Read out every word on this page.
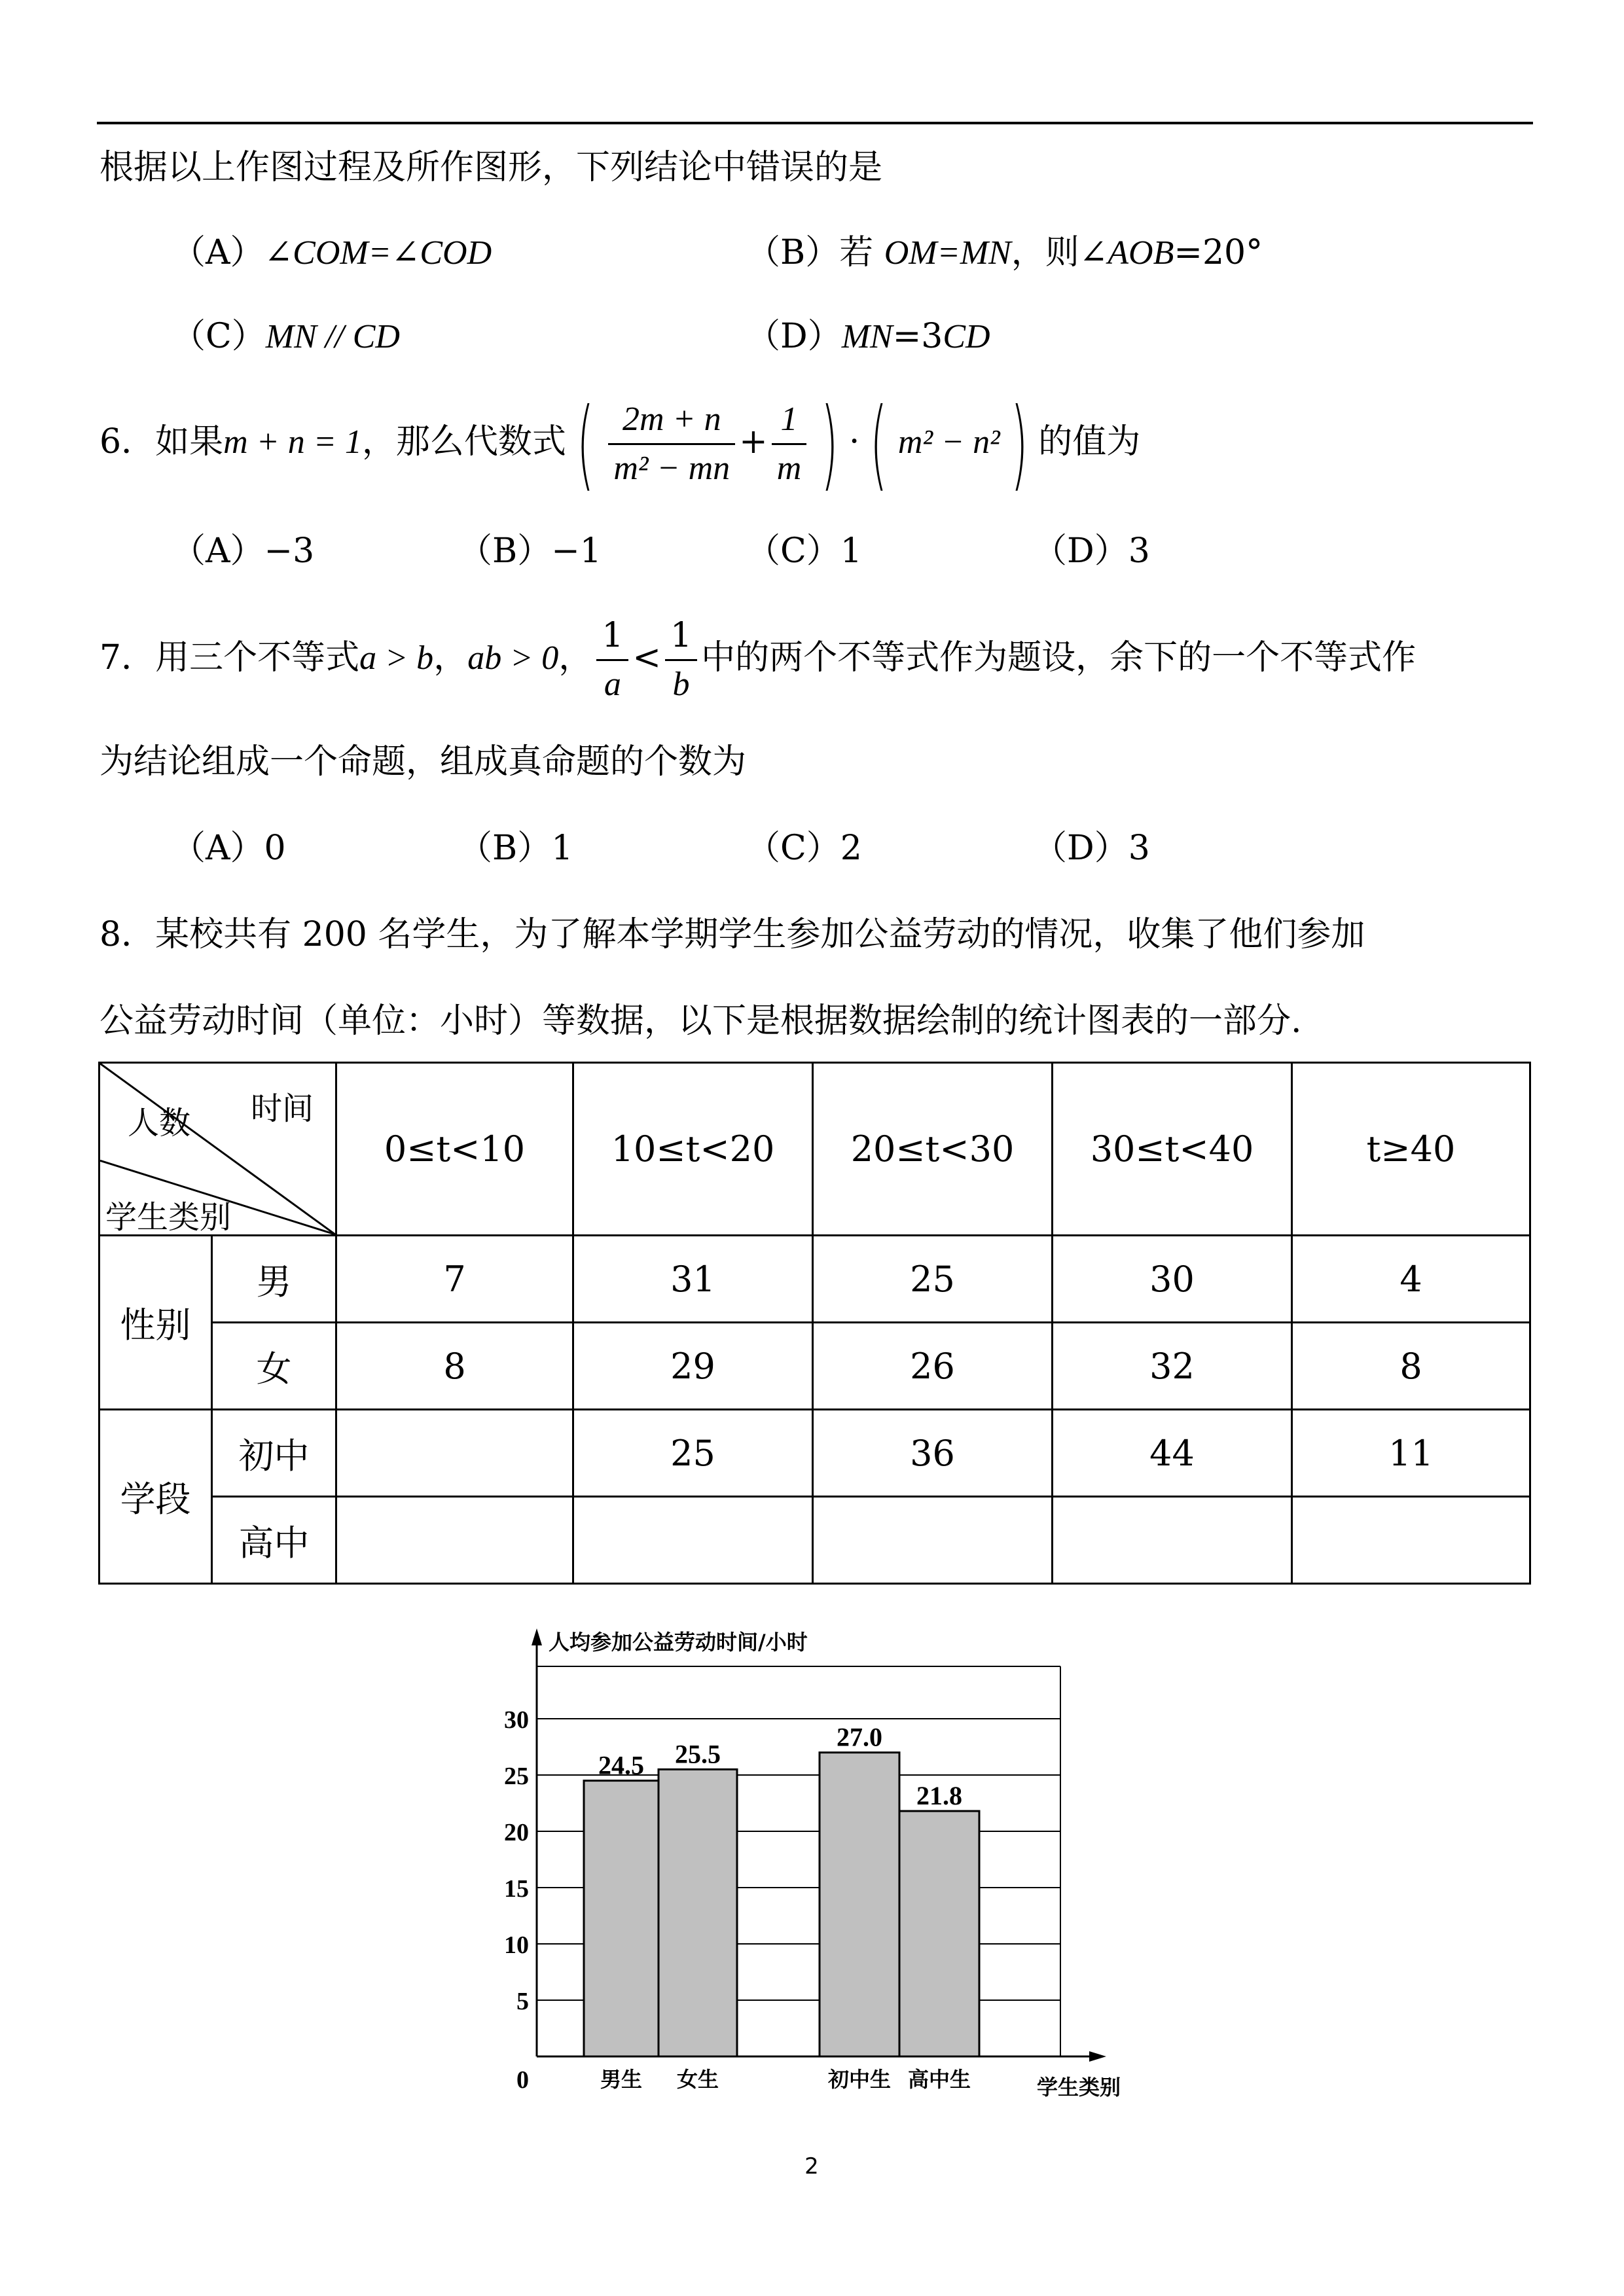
根据以上作图过程及所作图形，下列结论中错误的是
（A）∠COM=∠COD	（B）若 OM=MN，则∠AOB=20°
（C）MN // CD	（D）MN=3CD
6．如果m + n = 1，那么代数式 ( $\frac{2m + n}{\text{m² − mn}} + \frac{1}{m}$ ) · ( m² − n² ) 的值为
（A）−3	（B）−1	（C）1	（D）3
7．用三个不等式a > b，ab > 0， $\frac{1}{a} < \frac{1}{b}$ 中的两个不等式作为题设，余下的一个不等式作
为结论组成一个命题，组成真命题的个数为
（A）0	（B）1	（C）2	（D）3
8．某校共有 200 名学生，为了解本学期学生参加公益劳动的情况，收集了他们参加
公益劳动时间（单位：小时）等数据，以下是根据数据绘制的统计图表的一部分.
时间
人数
学生类别		0≤t<10	10≤t<20	20≤t<30	30≤t<40	t≥40
性别	男	7	31	25	30	4
	女	8	29	26	32	8
学段	初中		25	36	44	11
	高中					
5
10
15
20
25
30
人均参加公益劳动时间/小时
学生类别
0
24.5
男生
25.5
女生
27.0
初中生
21.8
高中生
2
